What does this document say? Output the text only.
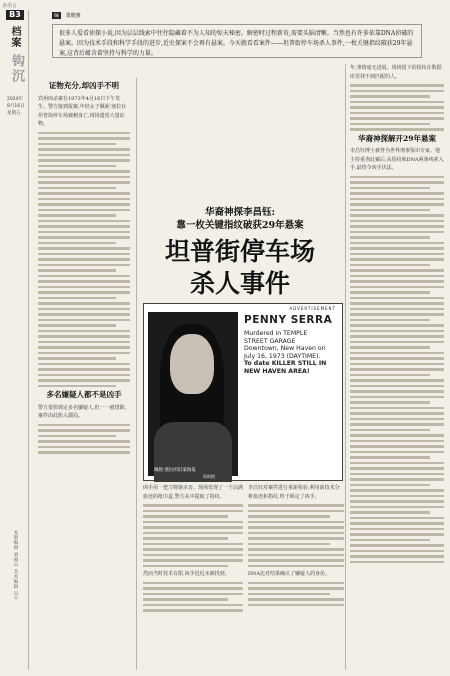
多语言
B3
档案
钩沉
2024年 8月16日 星期五
本版编辑 刘福山 美术编辑 冯宇
编 萧健雅
很多人爱看侦探小说,因为层层线索中往往隐藏着不为人知的惊天秘密。解密时过程新奇,需要头脑清晰。当然也有许多依靠DNA侦破的悬案。因为技术手段和科学手段的进步,近史探案不会再有悬案。今天就看看案件——坦普街停车场杀人事件,一枚关键指纹破获29年悬案,这背后蕴含着坚持与科学的力量。
证物充分,却凶手不明
宾州凶杀案在1973年4月16日下午发生。警方接到报案,年轻女子佩妮·塞拉在坦普街停车场被刺身亡,现场遗留大量证物。
多名嫌疑人都不是凶手
警方很快锁定多名嫌疑人,但一一被排除。案件由此陷入僵局。
华裔神探李昌钰:
靠一枚关键指纹破获29年悬案
坦普街停车场
杀人事件
ADVERTISEMENT
佩妮·塞拉的旧案海报
资料图
PENNY SERRA
Murdered in TEMPLE
STREET GARAGE
Downtown, New Haven on
July 16, 1973 (DAYTIME).
To date KILLER STILL IN
NEW HAVEN AREA!
凶手用一把刀将她杀害。现场发现了一个沾满血迹的纸巾盒,警方从中提取了指纹。
然而当时技术有限,凶手迟迟未被找到。
李昌钰对案件进行重新检验,利用新技术分析血迹和指纹,终于锁定了凶手。
DNA比对结果确认了嫌疑人的身份。
年,事情毫无进展。现场留下的指纹在数据库里找不到匹配的人。
华裔神探解开29年悬案
李昌钰博士被誉为世界刑事鉴识专家。他主持重查此案后,从指纹和DNA两条线索入手,最终令凶手伏法。
